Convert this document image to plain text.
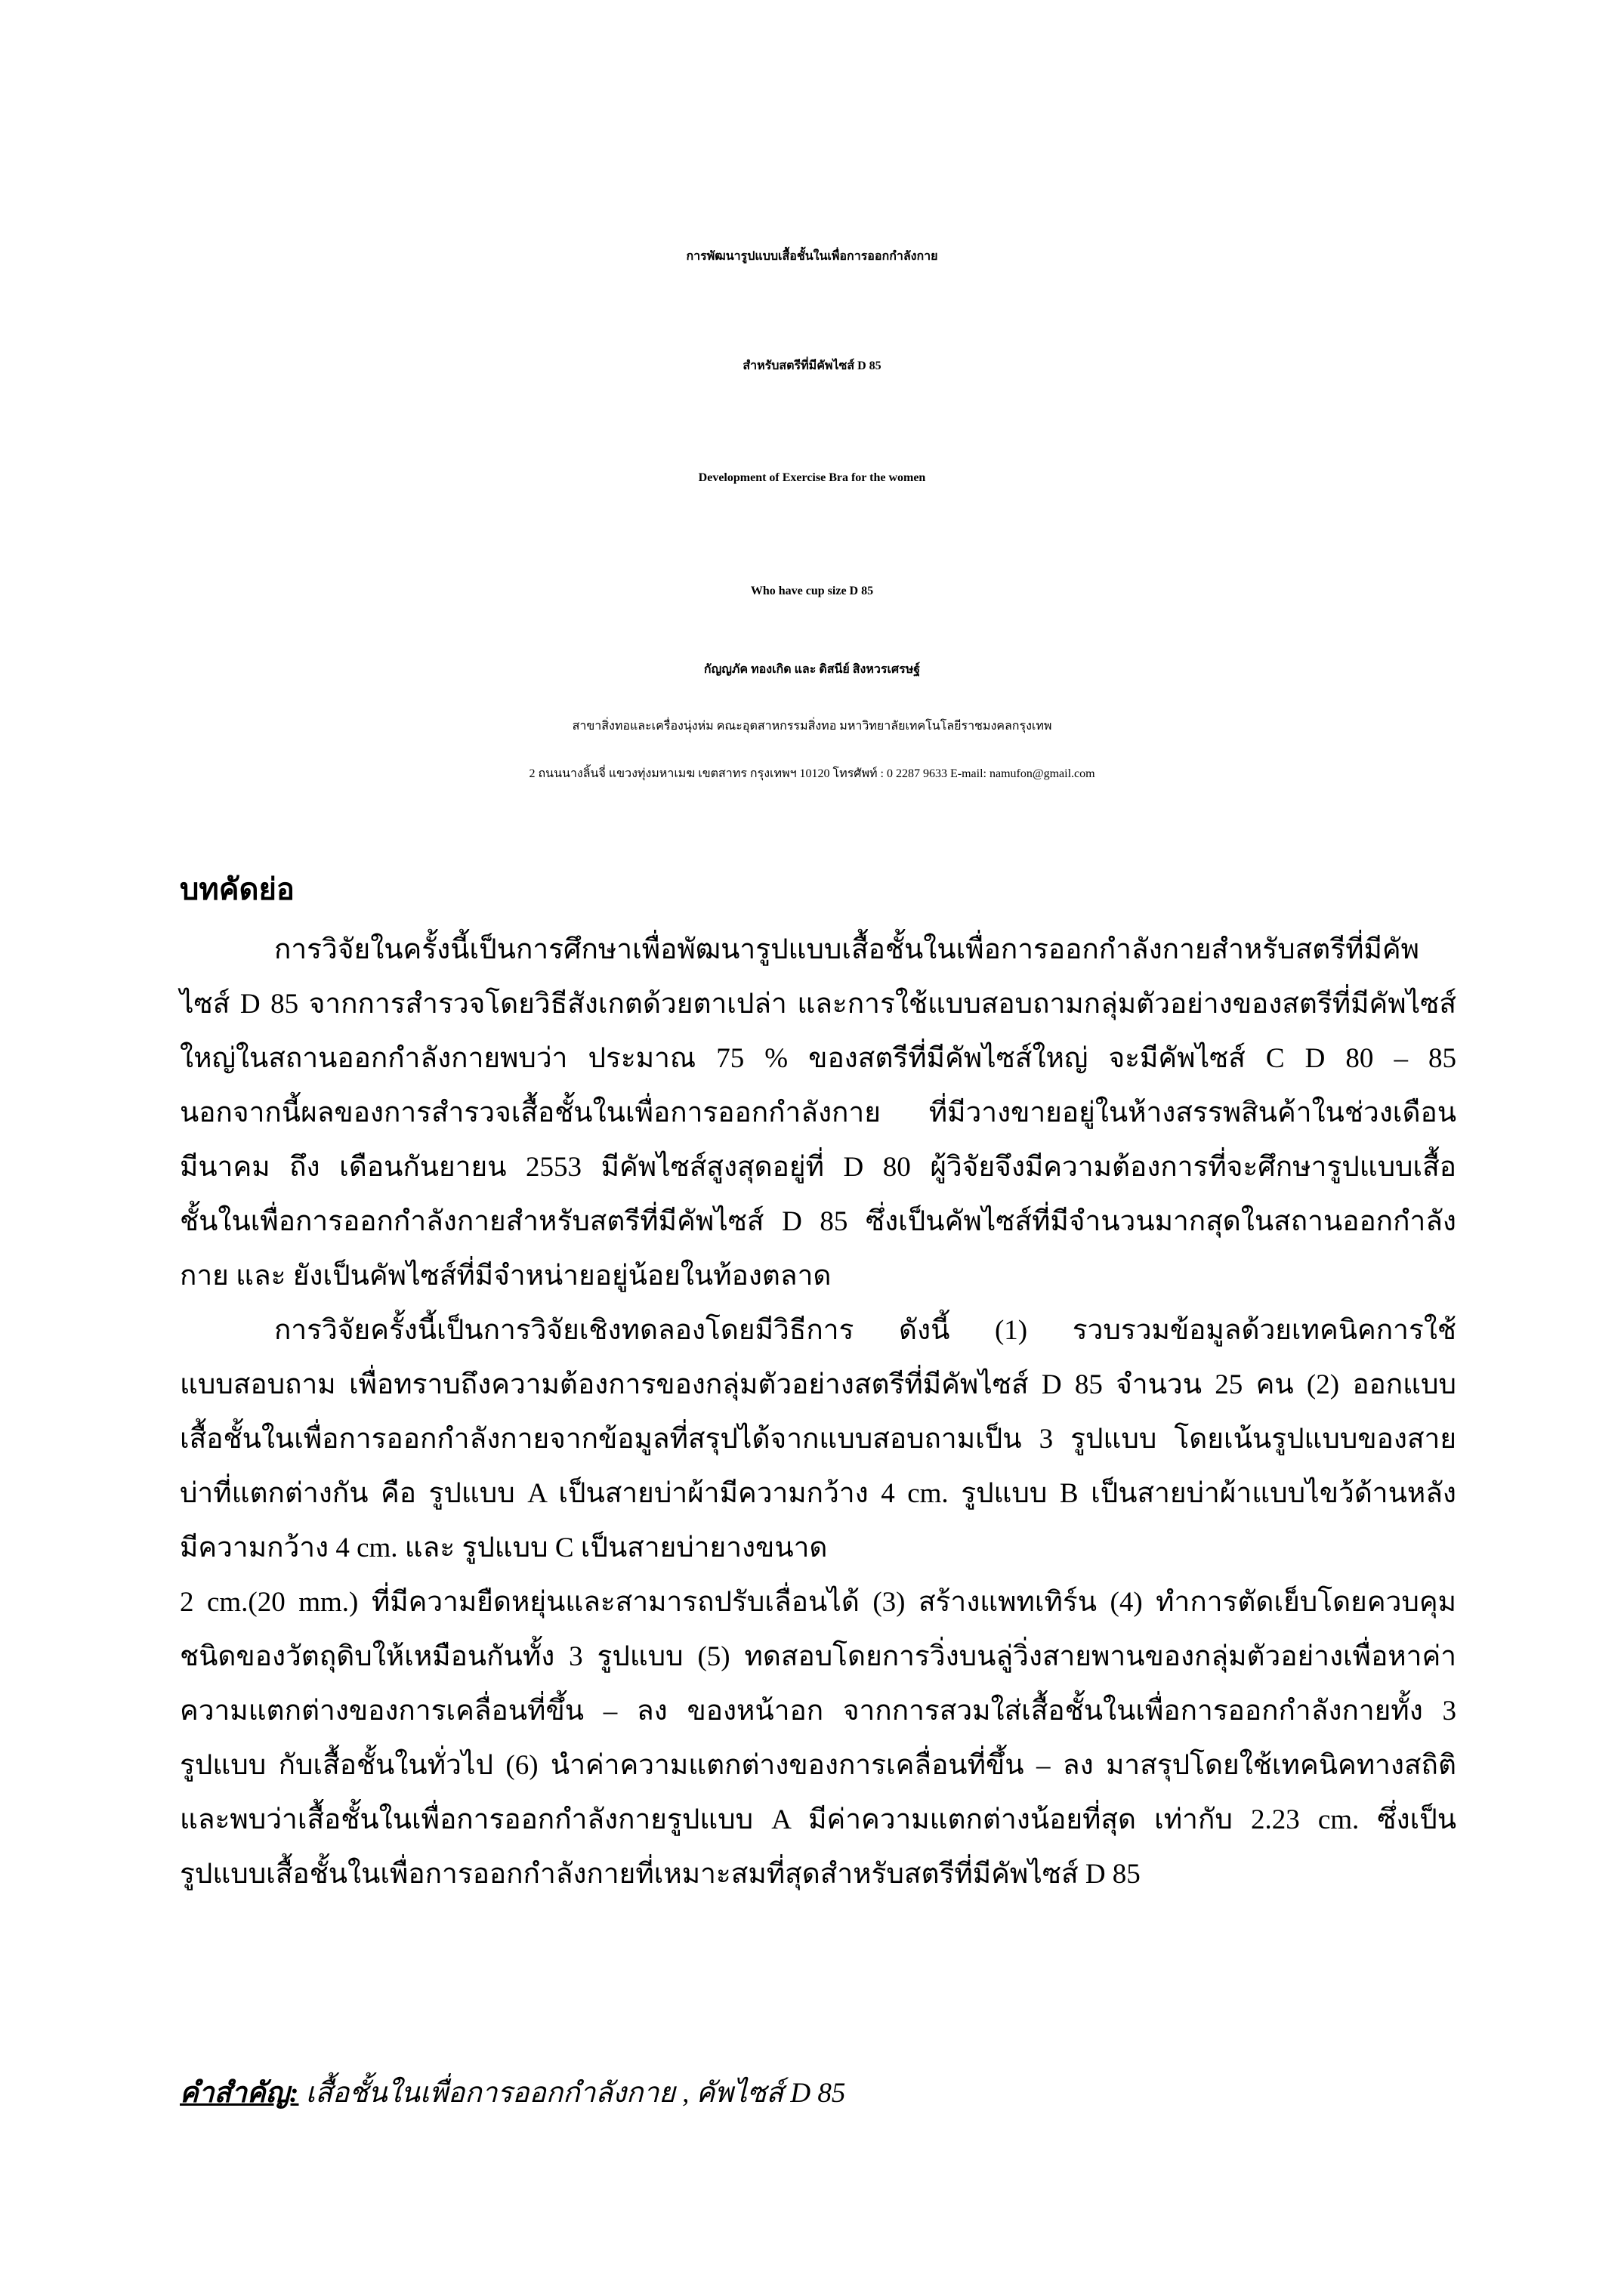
การพัฒนารูปแบบเสื้อชั้นในเพื่อการออกกำลังกาย

สำหรับสตรีที่มีคัพไซส์ D 85

Development of Exercise Bra for the women

Who have cup size D 85

กัญญภัค ทองเกิด และ ดิสนีย์ สิงหวรเศรษฐ์
สาขาสิ่งทอและเครื่องนุ่งห่ม คณะอุตสาหกรรมสิ่งทอ มหาวิทยาลัยเทคโนโลยีราชมงคลกรุงเทพ
2 ถนนนางลิ้นจี่ แขวงทุ่งมหาเมฆ เขตสาทร กรุงเทพฯ 10120 โทรศัพท์ : 0 2287 9633 E-mail: namufon@gmail.com
บทคัดย่อ
การวิจัยในครั้งนี้เป็นการศึกษาเพื่อพัฒนารูปแบบเสื้อชั้นในเพื่อการออกกำลังกายสำหรับสตรีที่มีคัพ
ไซส์ D 85 จากการสำรวจโดยวิธีสังเกตด้วยตาเปล่า และการใช้แบบสอบถามกลุ่มตัวอย่างของสตรีที่มีคัพไซส์
ใหญ่ในสถานออกกำลังกายพบว่า ประมาณ 75 % ของสตรีที่มีคัพไซส์ใหญ่ จะมีคัพไซส์ C D 80 – 85
นอกจากนี้ผลของการสำรวจเสื้อชั้นในเพื่อการออกกำลังกาย ที่มีวางขายอยู่ในห้างสรรพสินค้าในช่วงเดือน
มีนาคม ถึง เดือนกันยายน 2553 มีคัพไซส์สูงสุดอยู่ที่ D 80 ผู้วิจัยจึงมีความต้องการที่จะศึกษารูปแบบเสื้อ
ชั้นในเพื่อการออกกำลังกายสำหรับสตรีที่มีคัพไซส์ D 85 ซึ่งเป็นคัพไซส์ที่มีจำนวนมากสุดในสถานออกกำลัง
กาย และ ยังเป็นคัพไซส์ที่มีจำหน่ายอยู่น้อยในท้องตลาด
การวิจัยครั้งนี้เป็นการวิจัยเชิงทดลองโดยมีวิธีการ ดังนี้ (1) รวบรวมข้อมูลด้วยเทคนิคการใช้
แบบสอบถาม เพื่อทราบถึงความต้องการของกลุ่มตัวอย่างสตรีที่มีคัพไซส์ D 85 จำนวน 25 คน (2) ออกแบบ
เสื้อชั้นในเพื่อการออกกำลังกายจากข้อมูลที่สรุปได้จากแบบสอบถามเป็น 3 รูปแบบ โดยเน้นรูปแบบของสาย
บ่าที่แตกต่างกัน คือ รูปแบบ A เป็นสายบ่าผ้ามีความกว้าง 4 cm. รูปแบบ B เป็นสายบ่าผ้าแบบไขว้ด้านหลัง
มีความกว้าง 4 cm. และ รูปแบบ C เป็นสายบ่ายางขนาด
2 cm.(20 mm.) ที่มีความยืดหยุ่นและสามารถปรับเลื่อนได้ (3) สร้างแพทเทิร์น (4) ทำการตัดเย็บโดยควบคุม
ชนิดของวัตถุดิบให้เหมือนกันทั้ง 3 รูปแบบ (5) ทดสอบโดยการวิ่งบนลู่วิ่งสายพานของกลุ่มตัวอย่างเพื่อหาค่า
ความแตกต่างของการเคลื่อนที่ขึ้น – ลง ของหน้าอก จากการสวมใส่เสื้อชั้นในเพื่อการออกกำลังกายทั้ง 3
รูปแบบ กับเสื้อชั้นในทั่วไป (6) นำค่าความแตกต่างของการเคลื่อนที่ขึ้น – ลง มาสรุปโดยใช้เทคนิคทางสถิติ
และพบว่าเสื้อชั้นในเพื่อการออกกำลังกายรูปแบบ A มีค่าความแตกต่างน้อยที่สุด เท่ากับ 2.23 cm. ซึ่งเป็น
รูปแบบเสื้อชั้นในเพื่อการออกกำลังกายที่เหมาะสมที่สุดสำหรับสตรีที่มีคัพไซส์ D 85
คำสำคัญ: เสื้อชั้นในเพื่อการออกกำลังกาย , คัพไซส์ D 85
